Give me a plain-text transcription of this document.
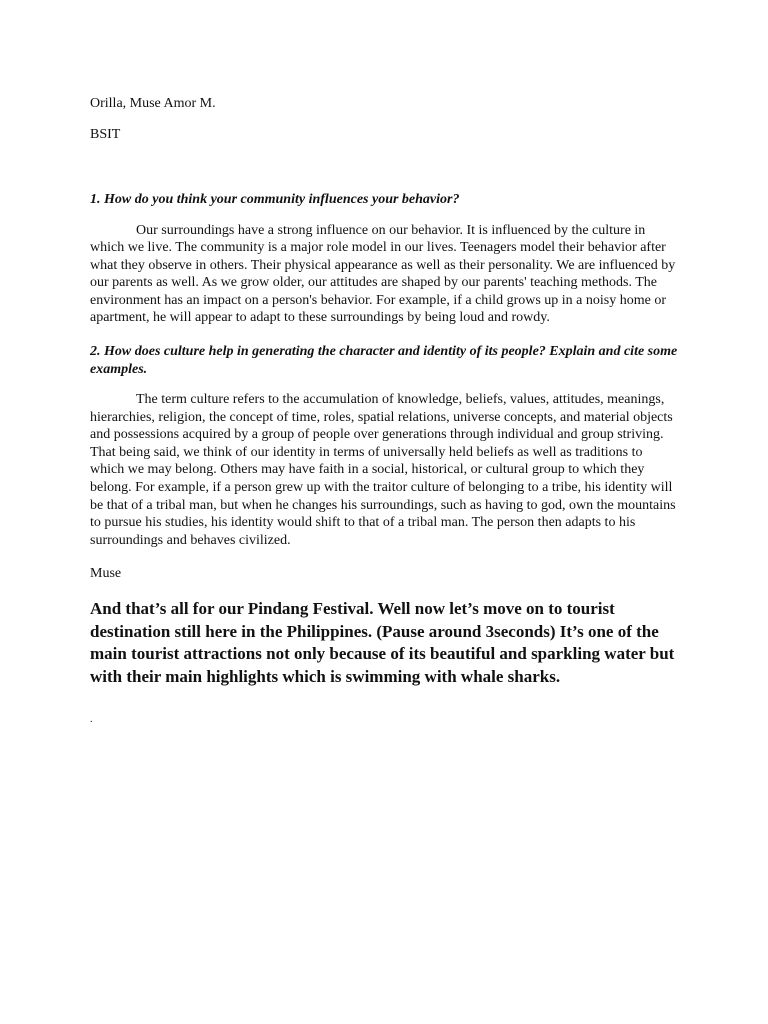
Orilla, Muse Amor M.

BSIT

1. How do you think your community influences your behavior?

Our surroundings have a strong influence on our behavior. It is influenced by the culture in which we live. The community is a major role model in our lives. Teenagers model their behavior after what they observe in others. Their physical appearance as well as their personality. We are influenced by our parents as well. As we grow older, our attitudes are shaped by our parents' teaching methods. The environment has an impact on a person's behavior. For example, if a child grows up in a noisy home or apartment, he will appear to adapt to these surroundings by being loud and rowdy.

2. How does culture help in generating the character and identity of its people? Explain and cite some examples.

The term culture refers to the accumulation of knowledge, beliefs, values, attitudes, meanings, hierarchies, religion, the concept of time, roles, spatial relations, universe concepts, and material objects and possessions acquired by a group of people over generations through individual and group striving. That being said, we think of our identity in terms of universally held beliefs as well as traditions to which we may belong. Others may have faith in a social, historical, or cultural group to which they belong. For example, if a person grew up with the traitor culture of belonging to a tribe, his identity will be that of a tribal man, but when he changes his surroundings, such as having to god, own the mountains to pursue his studies, his identity would shift to that of a tribal man. The person then adapts to his surroundings and behaves civilized.

Muse

And that’s all for our Pindang Festival. Well now let’s move on to tourist destination still here in the Philippines. (Pause around 3seconds) It’s one of the main tourist attractions not only because of its beautiful and sparkling water but with their main highlights which is swimming with whale sharks.

.
